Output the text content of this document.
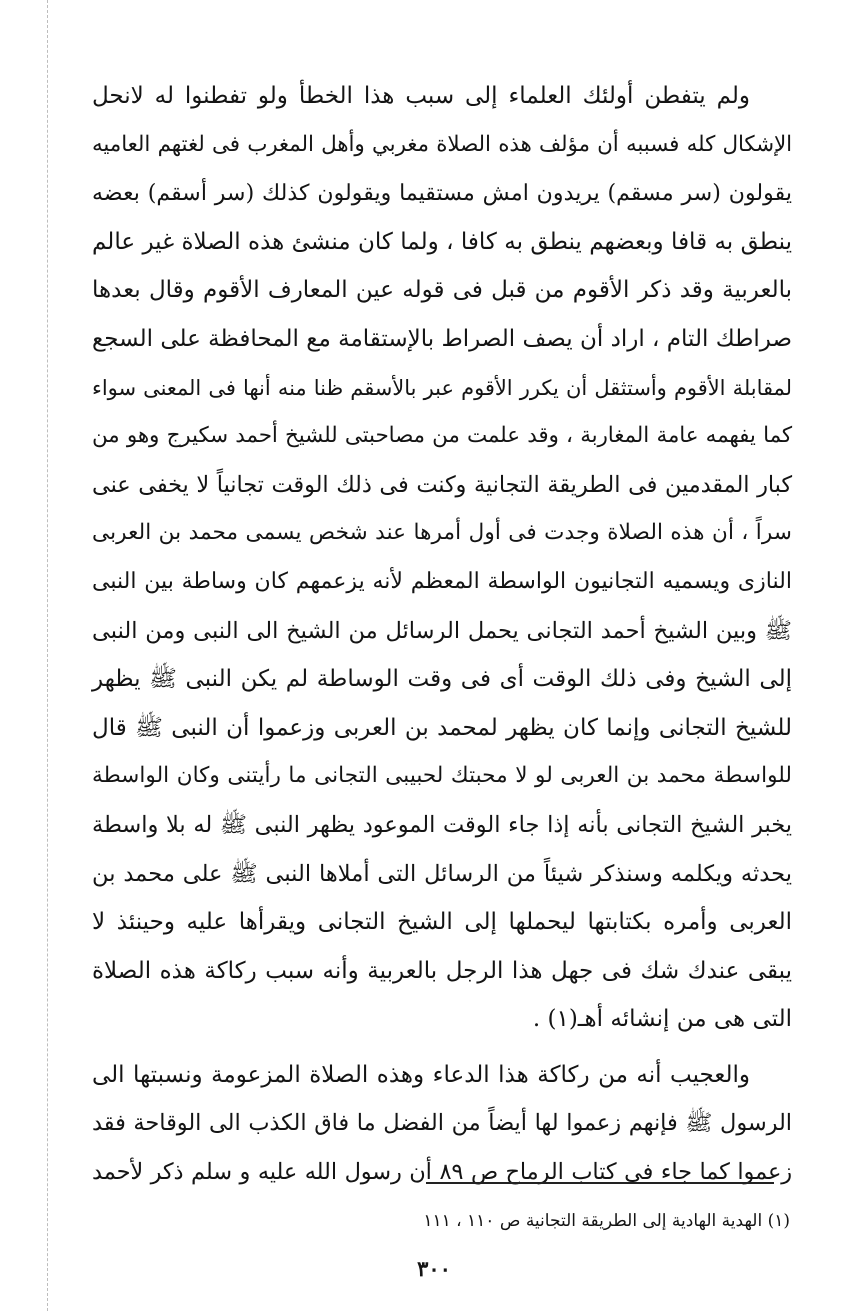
ولم يتفطن أولئك العلماء إلى سبب هذا الخطأ ولو تفطنوا له لانحل
الإشكال كله فسببه أن مؤلف هذه الصلاة مغربي وأهل المغرب فى لغتهم العاميه
يقولون (سر مسقم) يريدون امش مستقيما ويقولون كذلك (سر أسقم) بعضه
ينطق به قافا وبعضهم ينطق به كافا ، ولما كان منشئ هذه الصلاة غير عالم
بالعربية وقد ذكر الأقوم من قبل فى قوله عين المعارف الأقوم وقال بعدها
صراطك التام ، اراد أن يصف الصراط بالإستقامة مع المحافظة على السجع
لمقابلة الأقوم وأستثقل أن يكرر الأقوم عبر بالأسقم ظنا منه أنها فى المعنى سواء
كما يفهمه عامة المغاربة ، وقد علمت من مصاحبتى للشيخ أحمد سكيرج وهو من
كبار المقدمين فى الطريقة التجانية وكنت فى ذلك الوقت تجانياً لا يخفى عنى
سراً ، أن هذه الصلاة وجدت فى أول أمرها عند شخص يسمى محمد بن العربى
النازى ويسميه التجانيون الواسطة المعظم لأنه يزعمهم كان وساطة بين النبى
ﷺ وبين الشيخ أحمد التجانى يحمل الرسائل من الشيخ الى النبى ومن النبى
إلى الشيخ وفى ذلك الوقت أى فى وقت الوساطة لم يكن النبى ﷺ يظهر
للشيخ التجانى وإنما كان يظهر لمحمد بن العربى وزعموا أن النبى ﷺ قال
للواسطة محمد بن العربى لو لا محبتك لحبيبى التجانى ما رأيتنى وكان الواسطة
يخبر الشيخ التجانى بأنه إذا جاء الوقت الموعود يظهر النبى ﷺ له بلا واسطة
يحدثه ويكلمه وسنذكر شيئاً من الرسائل التى أملاها النبى ﷺ على محمد بن
العربى وأمره بكتابتها ليحملها إلى الشيخ التجانى ويقرأها عليه وحينئذ لا
يبقى عندك شك فى جهل هذا الرجل بالعربية وأنه سبب ركاكة هذه الصلاة
التى هى من إنشائه أهـ(١) .

والعجيب أنه من ركاكة هذا الدعاء وهذه الصلاة المزعومة ونسبتها الى
الرسول ﷺ فإنهم زعموا لها أيضاً من الفضل ما فاق الكذب الى الوقاحة فقد
زعموا كما جاء فى كتاب الرماح ص ٨٩ أن رسول الله عليه و سلم ذكر لأحمد

(١) الهدية الهادية إلى الطريقة التجانية ص ١١٠ ، ١١١
٣٠٠
